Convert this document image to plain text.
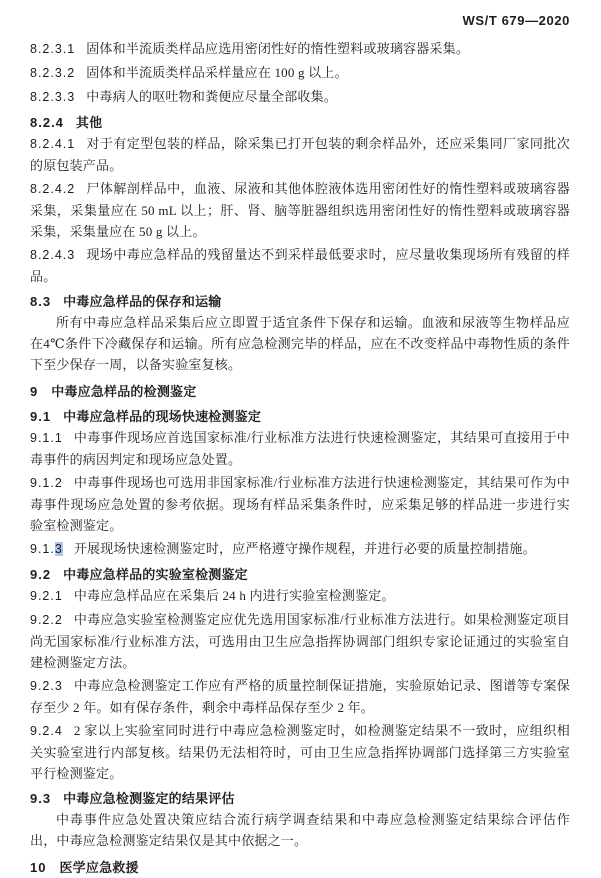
WS/T 679—2020

8.2.3.1 固体和半流质类样品应选用密闭性好的惰性塑料或玻璃容器采集。

8.2.3.2 固体和半流质类样品采样量应在 100 g 以上。

8.2.3.3 中毒病人的呕吐物和粪便应尽量全部收集。

8.2.4 其他

8.2.4.1 对于有定型包装的样品，除采集已打开包装的剩余样品外，还应采集同厂家同批次的原包装产品。

8.2.4.2 尸体解剖样品中，血液、尿液和其他体腔液体选用密闭性好的惰性塑料或玻璃容器采集，采集量应在 50 mL 以上；肝、肾、脑等脏器组织选用密闭性好的惰性塑料或玻璃容器采集，采集量应在 50 g 以上。

8.2.4.3 现场中毒应急样品的残留量达不到采样最低要求时，应尽量收集现场所有残留的样品。

8.3 中毒应急样品的保存和运输

所有中毒应急样品采集后应立即置于适宜条件下保存和运输。血液和尿液等生物样品应在4℃条件下冷藏保存和运输。所有应急检测完毕的样品，应在不改变样品中毒物性质的条件下至少保存一周，以备实验室复核。

9 中毒应急样品的检测鉴定

9.1 中毒应急样品的现场快速检测鉴定

9.1.1 中毒事件现场应首选国家标准/行业标准方法进行快速检测鉴定，其结果可直接用于中毒事件的病因判定和现场应急处置。

9.1.2 中毒事件现场也可选用非国家标准/行业标准方法进行快速检测鉴定，其结果可作为中毒事件现场应急处置的参考依据。现场有样品采集条件时，应采集足够的样品进一步进行实验室检测鉴定。

9.1.3 开展现场快速检测鉴定时，应严格遵守操作规程，并进行必要的质量控制措施。

9.2 中毒应急样品的实验室检测鉴定

9.2.1 中毒应急样品应在采集后 24 h 内进行实验室检测鉴定。

9.2.2 中毒应急实验室检测鉴定应优先选用国家标准/行业标准方法进行。如果检测鉴定项目尚无国家标准/行业标准方法，可选用由卫生应急指挥协调部门组织专家论证通过的实验室自建检测鉴定方法。

9.2.3 中毒应急检测鉴定工作应有严格的质量控制保证措施，实验原始记录、图谱等专案保存至少 2 年。如有保存条件，剩余中毒样品保存至少 2 年。

9.2.4 2 家以上实验室同时进行中毒应急检测鉴定时，如检测鉴定结果不一致时，应组织相关实验室进行内部复核。结果仍无法相符时，可由卫生应急指挥协调部门选择第三方实验室平行检测鉴定。

9.3 中毒应急检测鉴定的结果评估

中毒事件应急处置决策应结合流行病学调查结果和中毒应急检测鉴定结果综合评估作出，中毒应急检测鉴定结果仅是其中依据之一。

10 医学应急救援
